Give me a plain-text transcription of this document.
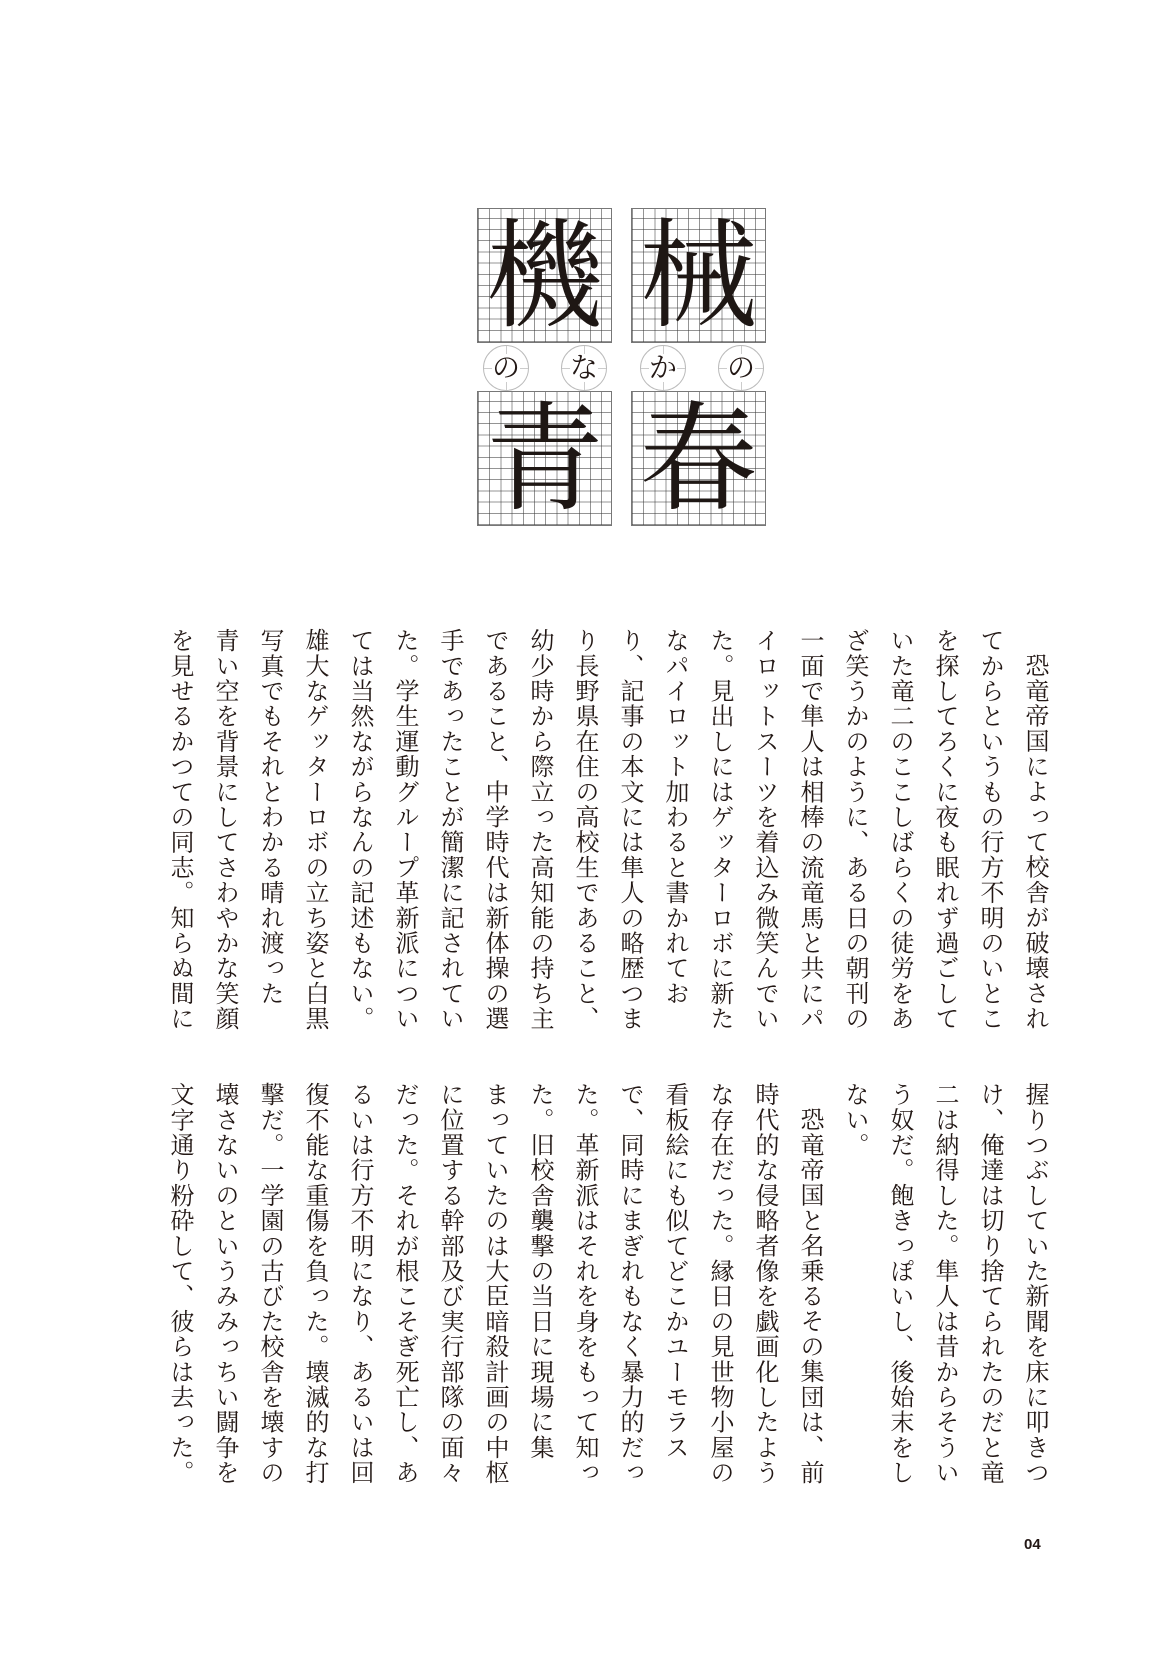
機 械
の な か の
青 春
恐竜帝国によって校舎が破壊され
てからというもの行方不明のいとこ
を探してろくに夜も眠れず過ごして
いた竜二のここしばらくの徒労をあ
ざ笑うかのように、ある日の朝刊の
一面で隼人は相棒の流竜馬と共にパ
イロットスーツを着込み微笑んでい
た。見出しにはゲッターロボに新た
なパイロット加わると書かれてお
り、記事の本文には隼人の略歴つま
り長野県在住の高校生であること、
幼少時から際立った高知能の持ち主
であること、中学時代は新体操の選
手であったことが簡潔に記されてい
た。学生運動グループ革新派につい
ては当然ながらなんの記述もない。
雄大なゲッターロボの立ち姿と白黒
写真でもそれとわかる晴れ渡った
青い空を背景にしてさわやかな笑顔
を見せるかつての同志。知らぬ間に
握りつぶしていた新聞を床に叩きつ
け、俺達は切り捨てられたのだと竜
二は納得した。隼人は昔からそうい
う奴だ。飽きっぽいし、後始末をし
ない。
恐竜帝国と名乗るその集団は、前
時代的な侵略者像を戯画化したよう
な存在だった。縁日の見世物小屋の
看板絵にも似てどこかユーモラス
で、同時にまぎれもなく暴力的だっ
た。革新派はそれを身をもって知っ
た。旧校舎襲撃の当日に現場に集
まっていたのは大臣暗殺計画の中枢
に位置する幹部及び実行部隊の面々
だった。それが根こそぎ死亡し、あ
るいは行方不明になり、あるいは回
復不能な重傷を負った。壊滅的な打
撃だ。一学園の古びた校舎を壊すの
壊さないのというみみっちい闘争を
文字通り粉砕して、彼らは去った。
04
